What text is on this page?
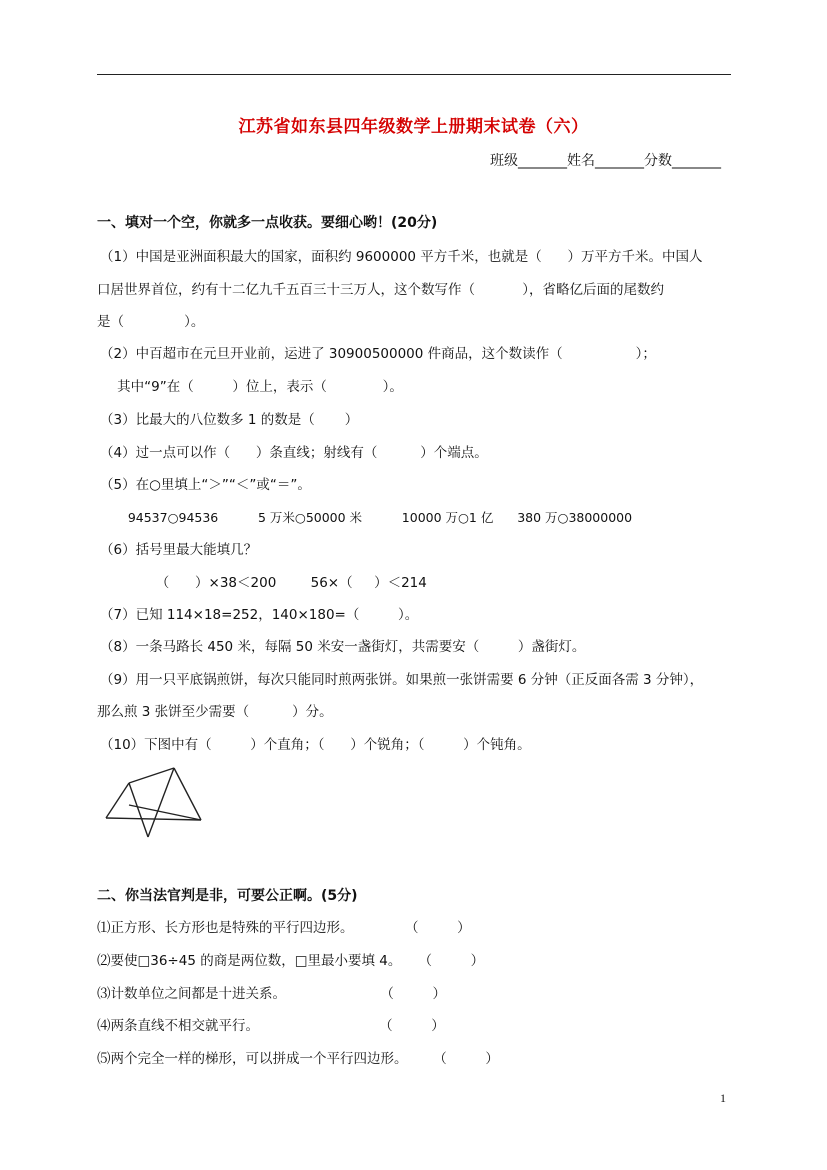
江苏省如东县四年级数学上册期末试卷（六）
班级_______姓名_______分数_______
一、填对一个空，你就多一点收获。要细心哟！(20分)
（1）中国是亚洲面积最大的国家，面积约 9600000 平方千米，也就是（      ）万平方千米。中国人
口居世界首位，约有十二亿九千五百三十三万人，这个数写作（           ），省略亿后面的尾数约
是（              ）。
（2）中百超市在元旦开业前，运进了 30900500000 件商品，这个数读作（                 ）；
其中“9”在（         ）位上，表示（             ）。
（3）比最大的八位数多 1 的数是（       ）
（4）过一点可以作（      ）条直线；射线有（          ）个端点。
（5）在○里填上“＞”“＜”或“＝”。
94537○94536          5 万米○50000 米          10000 万○1 亿      380 万○38000000
（6）括号里最大能填几？
（      ）×38＜200        56×（     ）＜214
（7）已知 114×18=252，140×180=（         ）。
（8）一条马路长 450 米，每隔 50 米安一盏街灯，共需要安（         ）盏街灯。
（9）用一只平底锅煎饼，每次只能同时煎两张饼。如果煎一张饼需要 6 分钟（正反面各需 3 分钟），
那么煎 3 张饼至少需要（          ）分。
（10）下图中有（         ）个直角；（      ）个锐角；（         ）个钝角。
二、你当法官判是非，可要公正啊。(5分)
⑴正方形、长方形也是特殊的平行四边形。            （         ）
⑵要使□36÷45 的商是两位数，□里最小要填 4。    （         ）
⑶计数单位之间都是十进关系。                      （         ）
⑷两条直线不相交就平行。                            （         ）
⑸两个完全一样的梯形，可以拼成一个平行四边形。      （         ）
1
